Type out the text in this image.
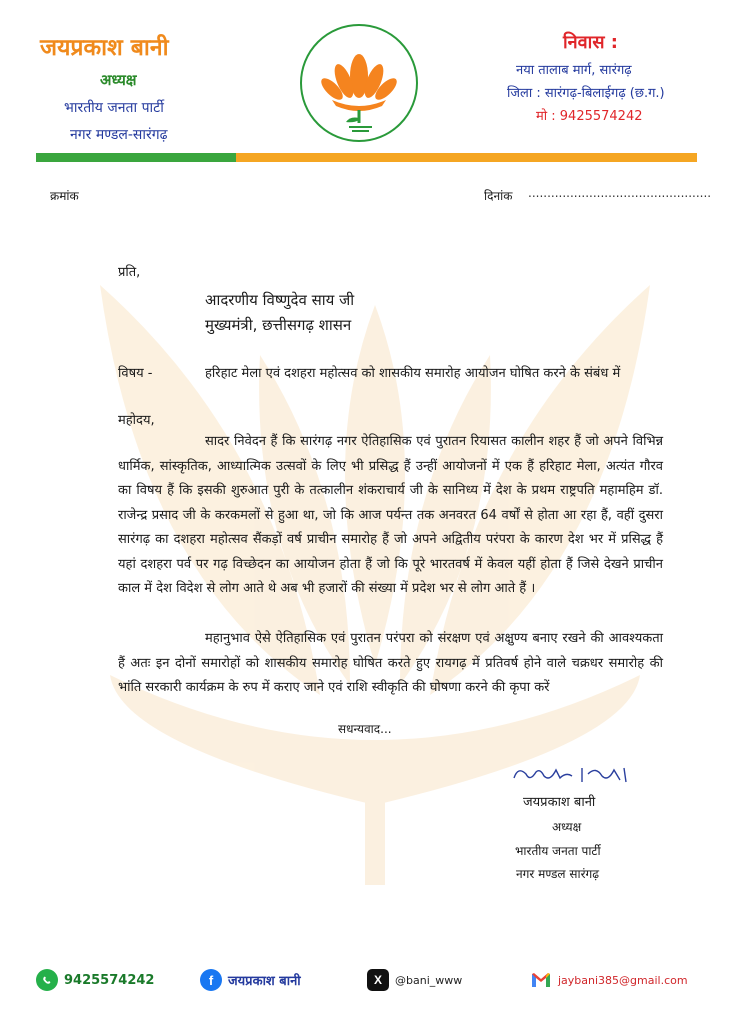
जयप्रकाश बानी
अध्यक्ष
भारतीय जनता पार्टी
नगर मण्डल-सारंगढ़
निवास :
नया तालाब मार्ग, सारंगढ़
जिला : सारंगढ़-बिलाईगढ़ (छ.ग.)
मो : 9425574242
क्रमांक	दिनांक ................................................
प्रति,
आदरणीय विष्णुदेव साय जी
मुख्यमंत्री, छत्तीसगढ़ शासन
विषय -	हरिहाट मेला एवं दशहरा महोत्सव को शासकीय समारोह आयोजन घोषित करने के संबंध में
महोदय,
सादर निवेदन हैं कि सारंगढ़ नगर ऐतिहासिक एवं पुरातन रियासत कालीन शहर हैं जो अपने विभिन्न धार्मिक, सांस्कृतिक, आध्यात्मिक उत्सवों के लिए भी प्रसिद्ध हैं उन्हीं आयोजनों में एक हैं हरिहाट मेला, अत्यंत गौरव का विषय हैं कि इसकी शुरुआत पुरी के तत्कालीन शंकराचार्य जी के सानिध्य में देश के प्रथम राष्ट्रपति महामहिम डॉ. राजेन्द्र प्रसाद जी के करकमलों से हुआ था, जो कि आज पर्यन्त तक अनवरत 64 वर्षों से होता आ रहा हैं, वहीं दुसरा सारंगढ़ का दशहरा महोत्सव सैंकड़ों वर्ष प्राचीन समारोह हैं जो अपने अद्वितीय परंपरा के कारण देश भर में प्रसिद्ध हैं यहां दशहरा पर्व पर गढ़ विच्छेदन का आयोजन होता हैं जो कि पूरे भारतवर्ष में केवल यहीं होता हैं जिसे देखने प्राचीन काल में देश विदेश से लोग आते थे अब भी हजारों की संख्या में प्रदेश भर से लोग आते हैं ।
महानुभाव ऐसे ऐतिहासिक एवं पुरातन परंपरा को संरक्षण एवं अक्षुण्य बनाए रखने की आवश्यकता हैं अतः इन दोनों समारोहों को शासकीय समारोह घोषित करते हुए रायगढ़ में प्रतिवर्ष होने वाले चक्रधर समारोह की भांति सरकारी कार्यक्रम के रुप में कराए जाने एवं राशि स्वीकृति की घोषणा करने की कृपा करें
सधन्यवाद...
जयप्रकाश बानी
अध्यक्ष
भारतीय जनता पार्टी
नगर मण्डल सारंगढ़
9425574242	f	जयप्रकाश बानी	X	@bani_www	jaybani385@gmail.com
